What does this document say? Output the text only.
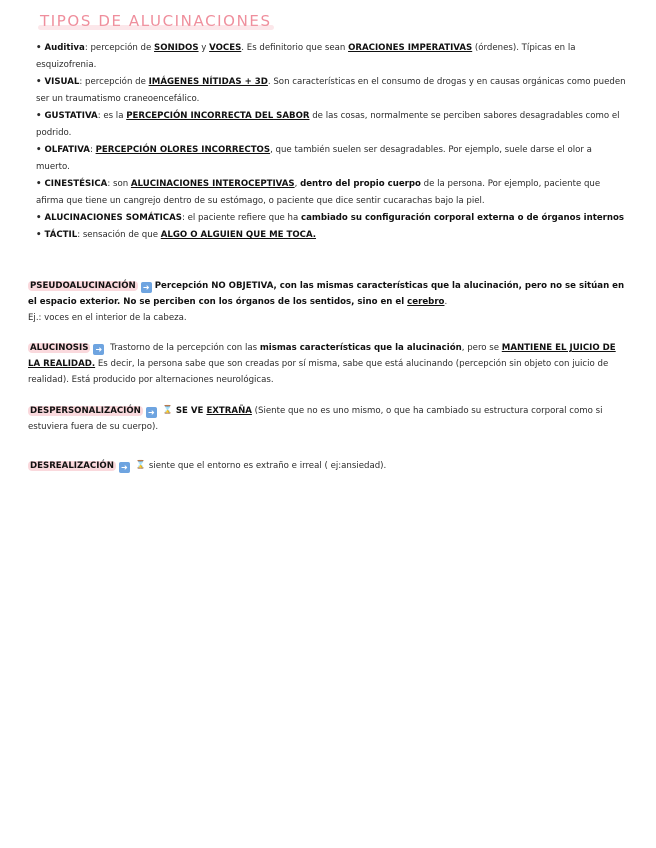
TIPOS DE ALUCINACIONES
• Auditiva: percepción de SONIDOS y VOCES. Es definitorio que sean ORACIONES IMPERATIVAS (órdenes). Típicas en la esquizofrenia.
• VISUAL: percepción de IMÁGENES NÍTIDAS + 3D. Son características en el consumo de drogas y en causas orgánicas como pueden ser un traumatismo craneoencefálico.
• GUSTATIVA: es la PERCEPCIÓN INCORRECTA DEL SABOR de las cosas, normalmente se perciben sabores desagradables como el podrido.
• OLFATIVA: PERCEPCIÓN OLORES INCORRECTOS, que también suelen ser desagradables. Por ejemplo, suele darse el olor a muerto.
• CINESTÉSICA: son ALUCINACIONES INTEROCEPTIVAS, dentro del propio cuerpo de la persona. Por ejemplo, paciente que afirma que tiene un cangrejo dentro de su estómago, o paciente que dice sentir cucarachas bajo la piel.
• ALUCINACIONES SOMÁTICAS: el paciente refiere que ha cambiado su configuración corporal externa o de órganos internos
• TÁCTIL: sensación de que ALGO O ALGUIEN QUE ME TOCA.

PSEUDOALUCINACIÓN ➜ Percepción NO OBJETIVA, con las mismas características que la alucinación, pero no se sitúan en el espacio exterior. No se perciben con los órganos de los sentidos, sino en el cerebro.

Ej.: voces en el interior de la cabeza.

ALUCINOSIS ➜ Trastorno de la percepción con las mismas características que la alucinación, pero se MANTIENE EL JUICIO DE LA REALIDAD. Es decir, la persona sabe que son creadas por sí misma, sabe que está alucinando (percepción sin objeto con juicio de realidad). Está producido por alternaciones neurológicas.

DESPERSONALIZACIÓN ➜ ⌛ SE VE EXTRAÑA (Siente que no es uno mismo, o que ha cambiado su estructura corporal como si estuviera fuera de su cuerpo).

DESREALIZACIÓN ➜ ⌛ siente que el entorno es extraño e irreal ( ej:ansiedad).
